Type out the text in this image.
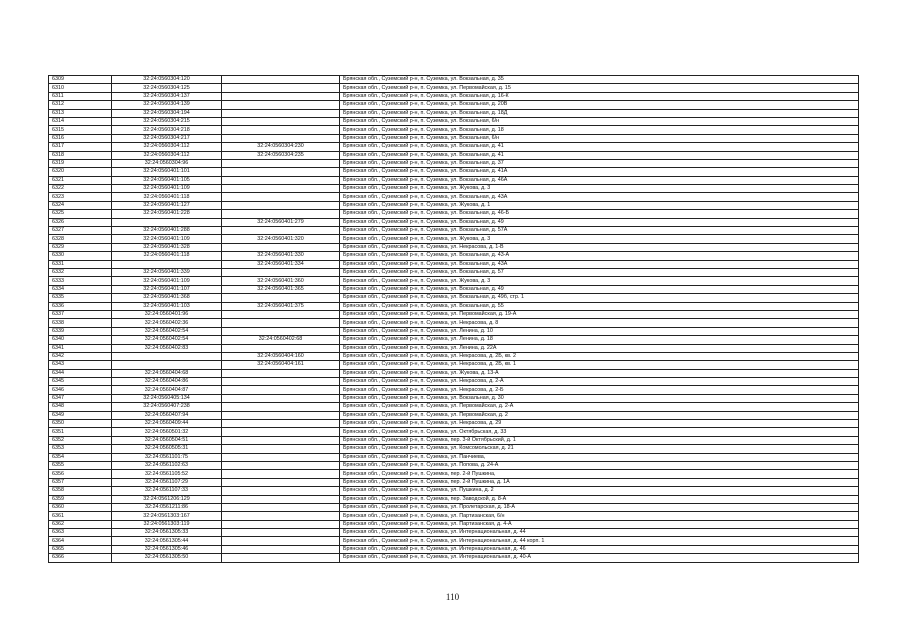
6309	32:24:0560304:120		Брянская обл., Суземский р-н, п. Суземка, ул. Вокзальная, д. 35
6310	32:24:0560304:125		Брянская обл., Суземский р-н, п. Суземка, ул. Первомайская, д. 15
6311	32:24:0560304:137		Брянская обл., Суземский р-н, п. Суземка, ул. Вокзальная, д. 16-К
6312	32:24:0560304:139		Брянская обл., Суземский р-н, п. Суземка, ул. Вокзальная, д. 20В
6313	32:24:0560304:194		Брянская обл., Суземский р-н, п. Суземка, ул. Вокзальная, д. 18Д
6314	32:24:0560304:215		Брянская обл., Суземский р-н, п. Суземка, ул. Вокзальная, 6/н
6315	32:24:0560304:218		Брянская обл., Суземский р-н, п. Суземка, ул. Вокзальная, д. 18
6316	32:24:0560304:217		Брянская обл., Суземский р-н, п. Суземка, ул. Вокзальная, 6/н
6317	32:24:0560304:112	32:24:0560304:230	Брянская обл., Суземский р-н, п. Суземка, ул. Вокзальная, д. 41
6318	32:24:0560304:112	32:24:0560304:235	Брянская обл., Суземский р-н, п. Суземка, ул. Вокзальная, д. 41
6319	32:24:0560304:96		Брянская обл., Суземский р-н, п. Суземка, ул. Вокзальная, д. 37
6320	32:24:0560401:101		Брянская обл., Суземский р-н, п. Суземка, ул. Вокзальная, д. 41А
6321	32:24:0560401:105		Брянская обл., Суземский р-н, п. Суземка, ул. Вокзальная, д. 46А
6322	32:24:0560401:109		Брянская обл., Суземский р-н, п. Суземка, ул. Жукова, д. 3
6323	32:24:0560401:118		Брянская обл., Суземский р-н, п. Суземка, ул. Вокзальная, д. 43А
6324	32:24:0560401:127		Брянская обл., Суземский р-н, п. Суземка, ул. Жукова, д. 1
6325	32:24:0560401:228		Брянская обл., Суземский р-н, п. Суземка, ул. Вокзальная, д. 46-Б
6326		32:24:0560401:279	Брянская обл., Суземский р-н, п. Суземка, ул. Вокзальная, д. 49
6327	32:24:0560401:288		Брянская обл., Суземский р-н, п. Суземка, ул. Вокзальная, д. 57А
6328	32:24:0560401:109	32:24:0560401:320	Брянская обл., Суземский р-н, п. Суземка, ул. Жукова, д. 3
6329	32:24:0560401:328		Брянская обл., Суземский р-н, п. Суземка, ул. Некрасова, д. 1-В
6330	32:24:0560401:118	32:24:0560401:330	Брянская обл., Суземский р-н, п. Суземка, ул. Вокзальная, д. 43-А
6331		32:24:0560401:334	Брянская обл., Суземский р-н, п. Суземка, ул. Вокзальная, д. 43А
6332	32:24:0560401:339		Брянская обл., Суземский р-н, п. Суземка, ул. Вокзальная, д. 57
6333	32:24:0560401:109	32:24:0560401:360	Брянская обл., Суземский р-н, п. Суземка, ул. Жукова, д. 3
6334	32:24:0560401:107	32:24:0560401:365	Брянская обл., Суземский р-н, п. Суземка, ул. Вокзальная, д. 49
6335	32:24:0560401:368		Брянская обл., Суземский р-н, п. Суземка, ул. Вокзальная, д. 49б, стр. 1
6336	32:24:0560401:103	32:24:0560401:375	Брянская обл., Суземский р-н, п. Суземка, ул. Вокзальная, д. 55
6337	32:24:0560401:96		Брянская обл., Суземский р-н, п. Суземка, ул. Первомайская, д. 19-А
6338	32:24:0560402:36		Брянская обл., Суземский р-н, п. Суземка, ул. Некрасова, д. 8
6339	32:24:0560402:54		Брянская обл., Суземский р-н, п. Суземка, ул. Ленина, д. 10
6340	32:24:0560402:54	32:24:0560402:68	Брянская обл., Суземский р-н, п. Суземка, ул. Ленина, д. 18
6341	32:24:0560402:83		Брянская обл., Суземский р-н, п. Суземка, ул. Ленина, д. 22А
6342		32:24:0560404:160	Брянская обл., Суземский р-н, п. Суземка, ул. Некрасова, д. 2Б, кв. 2
6343		32:24:0560404:161	Брянская обл., Суземский р-н, п. Суземка, ул. Некрасова, д. 2Б, кв. 1
6344	32:24:0560404:68		Брянская обл., Суземский р-н, п. Суземка, ул. Жукова, д. 13-А
6345	32:24:0560404:86		Брянская обл., Суземский р-н, п. Суземка, ул. Некрасова, д. 2-А
6346	32:24:0560404:87		Брянская обл., Суземский р-н, п. Суземка, ул. Некрасова, д. 2-Б
6347	32:24:0560405:134		Брянская обл., Суземский р-н, п. Суземка, ул. Вокзальная, д. 30
6348	32:24:0560407:238		Брянская обл., Суземский р-н, п. Суземка, ул. Первомайская, д. 2-А
6349	32:24:0560407:94		Брянская обл., Суземский р-н, п. Суземка, ул. Первомайская, д. 2
6350	32:24:0560409:44		Брянская обл., Суземский р-н, п. Суземка, ул. Некрасова, д. 29
6351	32:24:0560501:32		Брянская обл., Суземский р-н, п. Суземка, ул. Октябрьская, д. 33
6352	32:24:0560504:51		Брянская обл., Суземский р-н, п. Суземка, пер. 3-й Октябрьский, д. 1
6353	32:24:0560505:31		Брянская обл., Суземский р-н, п. Суземка, ул. Комсомольская, д. 21
6354	32:24:0561101:75		Брянская обл., Суземский р-н, п. Суземка, ул. Панчиева,
6355	32:24:0561102:63		Брянская обл., Суземский р-н, п. Суземка, ул. Попова, д. 24-А
6356	32:24:0561105:52		Брянская обл., Суземский р-н, п. Суземка, пер. 2-й Пушкина,
6357	32:24:0561107:29		Брянская обл., Суземский р-н, п. Суземка, пер. 2-й Пушкина, д. 1А
6358	32:24:0561107:33		Брянская обл., Суземский р-н, п. Суземка, ул. Пушкина, д. 2
6359	32:24:0561206:129		Брянская обл., Суземский р-н, п. Суземка, пер. Заводской, д. 8-А
6360	32:24:0561211:86		Брянская обл., Суземский р-н, п. Суземка, ул. Пролетарская, д. 18-А
6361	32:24:0561303:167		Брянская обл., Суземский р-н, п. Суземка, ул. Партизанская, 6/н
6362	32:24:0561303:119		Брянская обл., Суземский р-н, п. Суземка, ул. Партизанская, д. 4-А
6363	32:24:0561305:33		Брянская обл., Суземский р-н, п. Суземка, ул. Интернациональная, д. 44
6364	32:24:0561305:44		Брянская обл., Суземский р-н, п. Суземка, ул. Интернациональная, д. 44 корп. 1
6365	32:24:0561305:46		Брянская обл., Суземский р-н, п. Суземка, ул. Интернациональная, д. 46
6366	32:24:0561305:50		Брянская обл., Суземский р-н, п. Суземка, ул. Интернациональная, д. 40-А
110
